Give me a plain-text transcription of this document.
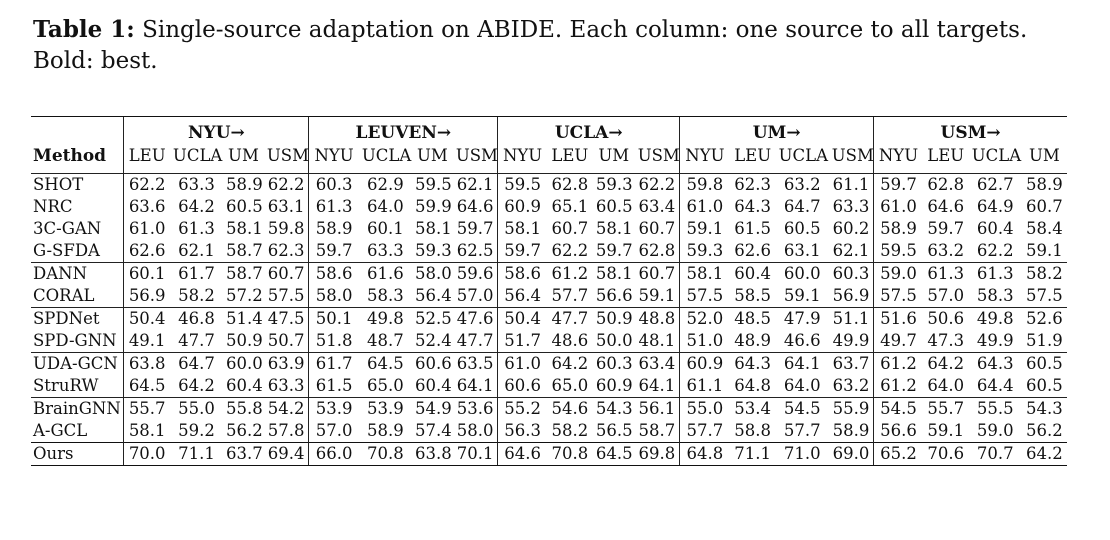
Table 1: Single-source adaptation on ABIDE. Each column: one source to all targets. Bold: best.
	NYU→				LEUVEN→				UCLA→				UM→				USM→			
Method	LEU	UCLA	UM	USM	NYU	UCLA	UM	USM	NYU	LEU	UM	USM	NYU	LEU	UCLA	USM	NYU	LEU	UCLA	UM
SHOT	62.2	63.3	58.9	62.2	60.3	62.9	59.5	62.1	59.5	62.8	59.3	62.2	59.8	62.3	63.2	61.1	59.7	62.8	62.7	58.9
NRC	63.6	64.2	60.5	63.1	61.3	64.0	59.9	64.6	60.9	65.1	60.5	63.4	61.0	64.3	64.7	63.3	61.0	64.6	64.9	60.7
3C-GAN	61.0	61.3	58.1	59.8	58.9	60.1	58.1	59.7	58.1	60.7	58.1	60.7	59.1	61.5	60.5	60.2	58.9	59.7	60.4	58.4
G-SFDA	62.6	62.1	58.7	62.3	59.7	63.3	59.3	62.5	59.7	62.2	59.7	62.8	59.3	62.6	63.1	62.1	59.5	63.2	62.2	59.1
DANN	60.1	61.7	58.7	60.7	58.6	61.6	58.0	59.6	58.6	61.2	58.1	60.7	58.1	60.4	60.0	60.3	59.0	61.3	61.3	58.2
CORAL	56.9	58.2	57.2	57.5	58.0	58.3	56.4	57.0	56.4	57.7	56.6	59.1	57.5	58.5	59.1	56.9	57.5	57.0	58.3	57.5
SPDNet	50.4	46.8	51.4	47.5	50.1	49.8	52.5	47.6	50.4	47.7	50.9	48.8	52.0	48.5	47.9	51.1	51.6	50.6	49.8	52.6
SPD-GNN	49.1	47.7	50.9	50.7	51.8	48.7	52.4	47.7	51.7	48.6	50.0	48.1	51.0	48.9	46.6	49.9	49.7	47.3	49.9	51.9
UDA-GCN	63.8	64.7	60.0	63.9	61.7	64.5	60.6	63.5	61.0	64.2	60.3	63.4	60.9	64.3	64.1	63.7	61.2	64.2	64.3	60.5
StruRW	64.5	64.2	60.4	63.3	61.5	65.0	60.4	64.1	60.6	65.0	60.9	64.1	61.1	64.8	64.0	63.2	61.2	64.0	64.4	60.5
BrainGNN	55.7	55.0	55.8	54.2	53.9	53.9	54.9	53.6	55.2	54.6	54.3	56.1	55.0	53.4	54.5	55.9	54.5	55.7	55.5	54.3
A-GCL	58.1	59.2	56.2	57.8	57.0	58.9	57.4	58.0	56.3	58.2	56.5	58.7	57.7	58.8	57.7	58.9	56.6	59.1	59.0	56.2
Ours	70.0	71.1	63.7	69.4	66.0	70.8	63.8	70.1	64.6	70.8	64.5	69.8	64.8	71.1	71.0	69.0	65.2	70.6	70.7	64.2
